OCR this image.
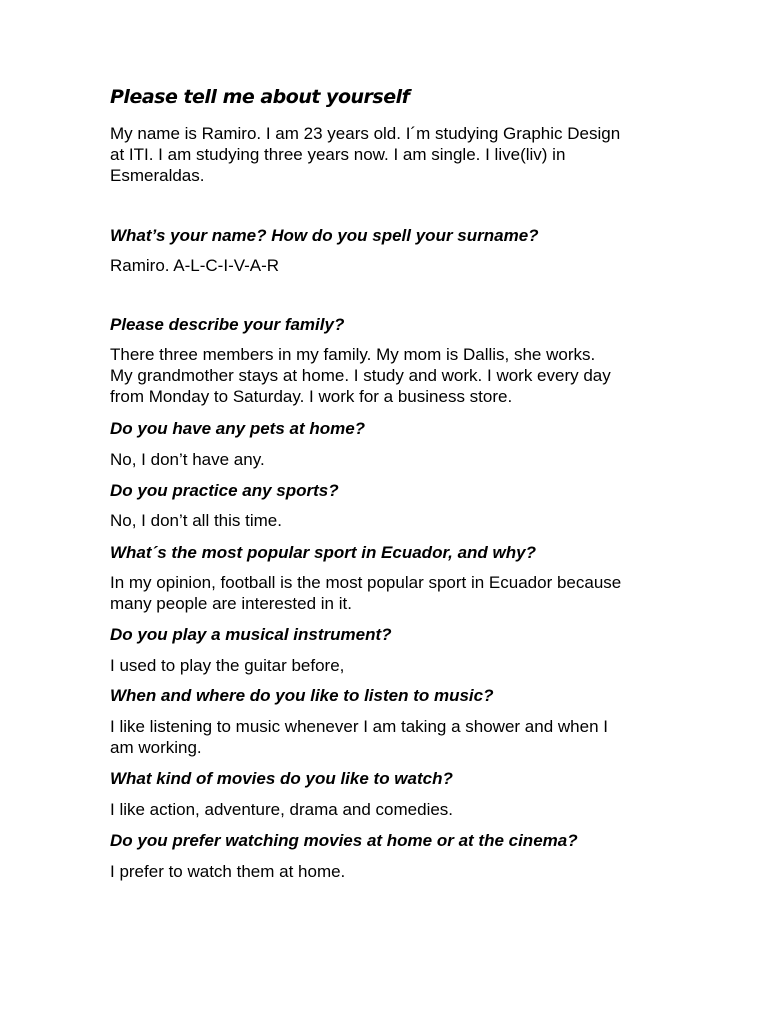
Please tell me about yourself
My name is Ramiro. I am 23 years old. I´m studying Graphic Design
at ITI. I am studying three years now. I am single. I live(liv) in
Esmeraldas.
What’s your name? How do you spell your surname?
Ramiro. A-L-C-I-V-A-R
Please describe your family?
There three members in my family. My mom is Dallis, she works.
My grandmother stays at home. I study and work. I work every day
from Monday to Saturday. I work for a business store.
Do you have any pets at home?
No, I don’t have any.
Do you practice any sports?
No, I don’t all this time.
What´s the most popular sport in Ecuador, and why?
In my opinion, football is the most popular sport in Ecuador because
many people are interested in it.
Do you play a musical instrument?
I used to play the guitar before,
When and where do you like to listen to music?
I like listening to music whenever I am taking a shower and when I
am working.
What kind of movies do you like to watch?
I like action, adventure, drama and comedies.
Do you prefer watching movies at home or at the cinema?
I prefer to watch them at home.
